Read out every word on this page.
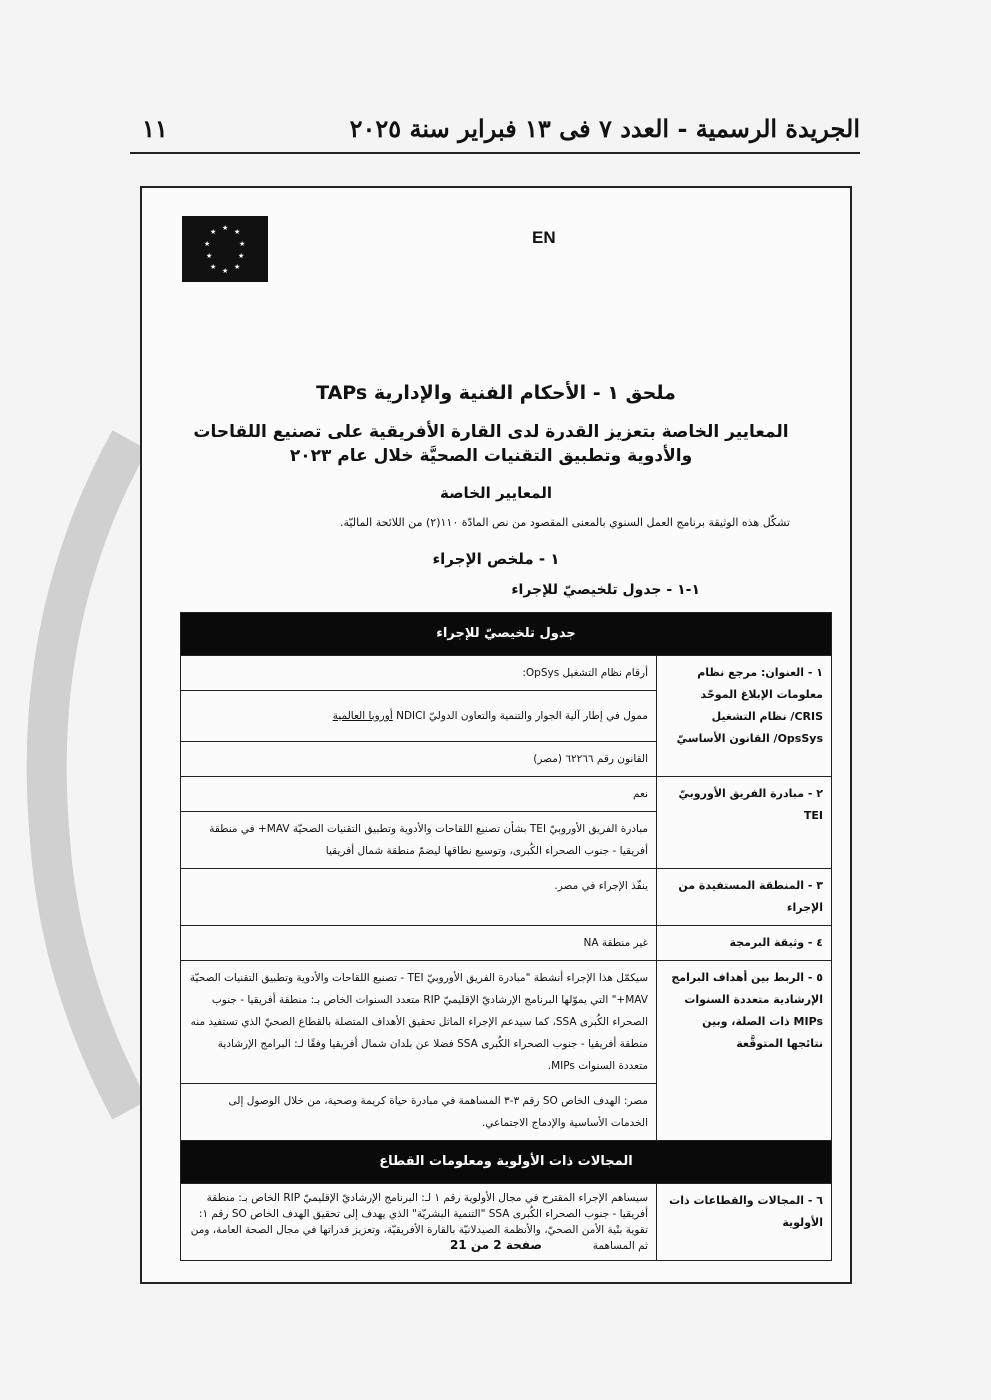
الجريدة الرسمية - العدد ٧ فى ١٣ فبراير سنة ٢٠٢٥
١١
★ ★
★
★
★
★
★
★
★
★	EN
ملحق ١ - الأحكام الفنية والإدارية TAPs
المعايير الخاصة بتعزيز القدرة لدى القارة الأفريقية على تصنيع اللقاحات والأدوية وتطبيق التقنيات الصحيَّة خلال عام ٢٠٢٣
المعايير الخاصة
تشكّل هذه الوثيقة برنامج العمل السنوي بالمعنى المقصود من نص المادّة ١١٠(٢) من اللائحة الماليّة.
١ - ملخص الإجراء
١-١ - جدول تلخيصيّ للإجراء
جدول تلخيصيّ للإجراء	
١ - العنوان: مرجع نظام معلومات الإبلاغ الموحّد CRIS/ نظام التشغيل OpsSys/ القانون الأساسيّ	أرقام نظام التشغيل OpSys:
	ممول في إطار آلية الجوار والتنمية والتعاون الدوليّ NDICI أوروبا العالمية
	القانون رقم ٦٢٢٦٦ (مصر)
٢ - مبادرة الفريق الأوروبيّ TEI	نعم
	مبادرة الفريق الأوروبيّ TEI بشأن تصنيع اللقاحات والأدوية وتطبيق التقنيات الصحيّة MAV+ في منطقة أفريقيا - جنوب الصحراء الكُبرى، وتوسيع نطاقها ليضمّ منطقة شمال أفريقيا
٣ - المنطقة المستفيدة من الإجراء	ينفّذ الإجراء في مصر.
٤ - وثيقة البرمجة	غير منطقة NA
٥ - الربط بين أهداف البرامج الإرشادية متعددة السنوات MIPs ذات الصلة، وبين نتائجها المتوقَّعة	سيكمّل هذا الإجراء أنشطة "مبادرة الفريق الأوروبيّ TEI - تصنيع اللقاحات والأدوية وتطبيق التقنيات الصحيّة MAV+" التي يموّلها البرنامج الإرشاديّ الإقليميّ RIP متعدد السنوات الخاص بـ: منطقة أفريقيا - جنوب الصحراء الكُبرى SSA، كما سيدعم الإجراء الماثل تحقيق الأهداف المتصلة بالقطاع الصحيّ الذي تستفيد منه منطقة أفريقيا - جنوب الصحراء الكُبرى SSA فضلا عن بلدان شمال أفريقيا وفقًا لـ: البرامج الإرشادية متعددة السنوات MIPs.
	مصر: الهدف الخاص SO رقم ٣-٣ المساهمة في مبادرة حياة كريمة وصحية، من خلال الوصول إلى الخدمات الأساسية والإدماج الاجتماعي.
المجالات ذات الأولوية ومعلومات القطاع	
٦ - المجالات والقطاعات ذات الأولوية	سيساهم الإجراء المقترح في مجال الأولوية رقم ١ لـ: البرنامج الإرشاديّ الإقليميّ RIP الخاص بـ: منطقة أفريقيا - جنوب الصحراء الكُبرى SSA "التنمية البشريّة" الذي يهدف إلى تحقيق الهدف الخاص SO رقم ١: تقوية بنْية الأمن الصحيّ، والأنظمة الصيدلانيّة بالقارة الأفريقيّة، وتعزيز قدراتها في مجال الصحة العامة، ومن ثم المساهمة
صفحة 2 من 21
